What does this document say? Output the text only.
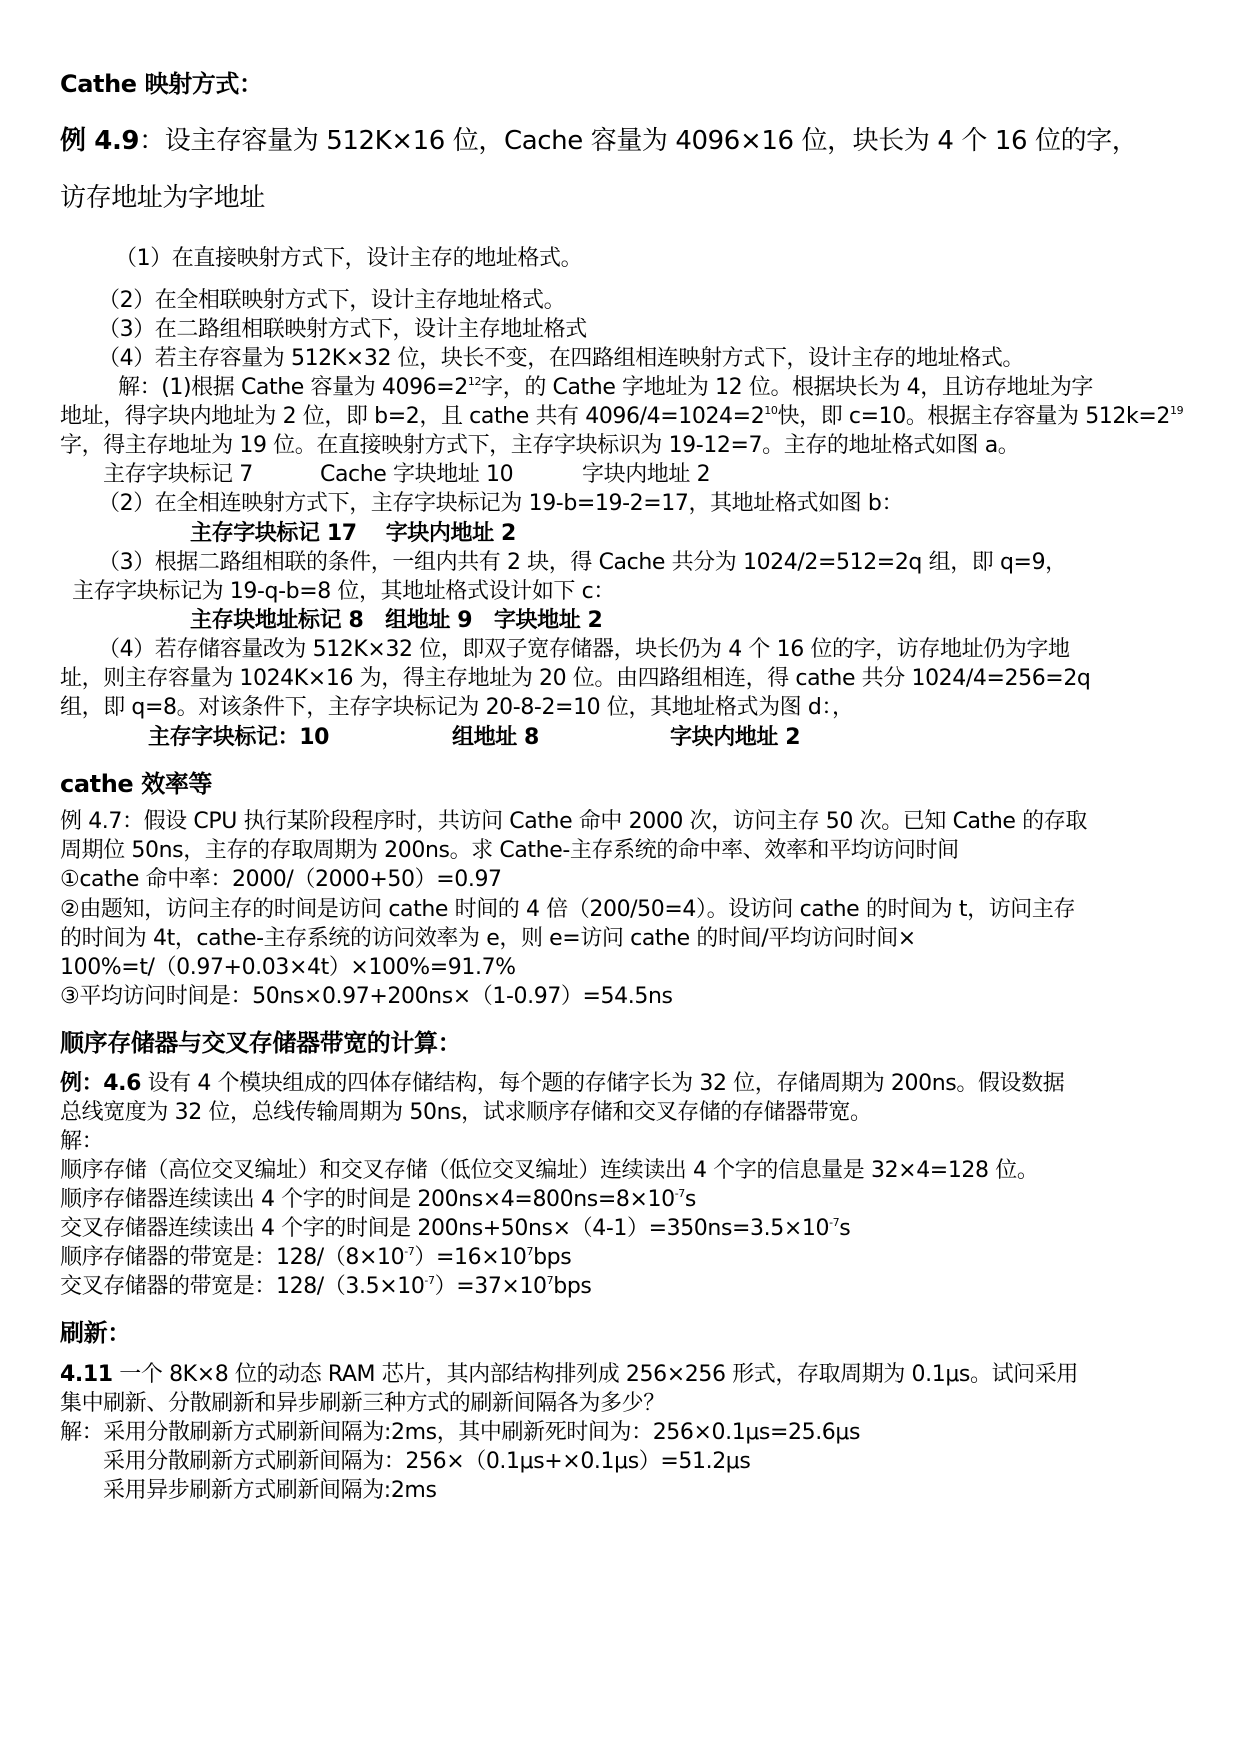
Cathe 映射方式：
例 4.9：设主存容量为 512K×16 位，Cache 容量为 4096×16 位，块长为 4 个 16 位的字，
访存地址为字地址
（1）在直接映射方式下，设计主存的地址格式。
（2）在全相联映射方式下，设计主存地址格式。
（3）在二路组相联映射方式下，设计主存地址格式
（4）若主存容量为 512K×32 位，块长不变，在四路组相连映射方式下，设计主存的地址格式。
解：(1)根据 Cathe 容量为 $4096=2^{12}$字，的 Cathe 字地址为 12 位。根据块长为 4，且访存地址为字
地址，得字块内地址为 2 位，即 b=2，且 cathe 共有 $4096/4=1024=2^{10}$快，即 c=10。根据主存容量为 $512k=2^{19}$
字，得主存地址为 19 位。在直接映射方式下，主存字块标识为 19-12=7。主存的地址格式如图 a。
主存字块标记 7	Cache 字块地址 10	字块内地址 2
（2）在全相连映射方式下，主存字块标记为 19-b=19-2=17，其地址格式如图 b：
主存字块标记 17    字块内地址 2
（3）根据二路组相联的条件，一组内共有 2 块，得 Cache 共分为 1024/2=512=2q 组，即 q=9，
主存字块标记为 19-q-b=8 位，其地址格式设计如下 c：
主存块地址标记 8   组地址 9   字块地址 2
（4）若存储容量改为 512K×32 位，即双子宽存储器，块长仍为 4 个 16 位的字，访存地址仍为字地
址，则主存容量为 1024K×16 为，得主存地址为 20 位。由四路组相连，得 cathe 共分 1024/4=256=2q
组，即 q=8。对该条件下，主存字块标记为 20-8-2=10 位，其地址格式为图 d：，
主存字块标记：10	组地址 8	字块内地址 2
cathe 效率等
例 4.7：假设 CPU 执行某阶段程序时，共访问 Cathe 命中 2000 次，访问主存 50 次。已知 Cathe 的存取
周期位 50ns，主存的存取周期为 200ns。求 Cathe-主存系统的命中率、效率和平均访问时间
①cathe 命中率：2000/（2000+50）=0.97
②由题知，访问主存的时间是访问 cathe 时间的 4 倍（200/50=4）。设访问 cathe 的时间为 t，访问主存
的时间为 4t，cathe-主存系统的访问效率为 e，则 e=访问 cathe 的时间/平均访问时间×
100%=t/（0.97+0.03×4t）×100%=91.7%
③平均访问时间是：50ns×0.97+200ns×（1-0.97）=54.5ns
顺序存储器与交叉存储器带宽的计算：
例：4.6 设有 4 个模块组成的四体存储结构，每个题的存储字长为 32 位，存储周期为 200ns。假设数据
总线宽度为 32 位，总线传输周期为 50ns，试求顺序存储和交叉存储的存储器带宽。
解：
顺序存储（高位交叉编址）和交叉存储（低位交叉编址）连续读出 4 个字的信息量是 32×4=128 位。
顺序存储器连续读出 4 个字的时间是 $200ns\times 4=800ns=8\times 10^{-7}s$
交叉存储器连续读出 4 个字的时间是 $200ns+50ns\times(4-1)=350ns=3.5\times 10^{-7}s$
顺序存储器的带宽是：$128/(8\times 10^{-7})=16\times 10^7bps$
交叉存储器的带宽是：$128/(3.5\times 10^{-7})=37\times 10^7bps$
刷新：
4.11 一个 8K×8 位的动态 RAM 芯片，其内部结构排列成 256×256 形式，存取周期为 0.1μs。试问采用
集中刷新、分散刷新和异步刷新三种方式的刷新间隔各为多少？
解：采用分散刷新方式刷新间隔为:2ms，其中刷新死时间为：256×0.1μs=25.6μs
采用分散刷新方式刷新间隔为：256×（0.1μs+×0.1μs）=51.2μs
采用异步刷新方式刷新间隔为:2ms
